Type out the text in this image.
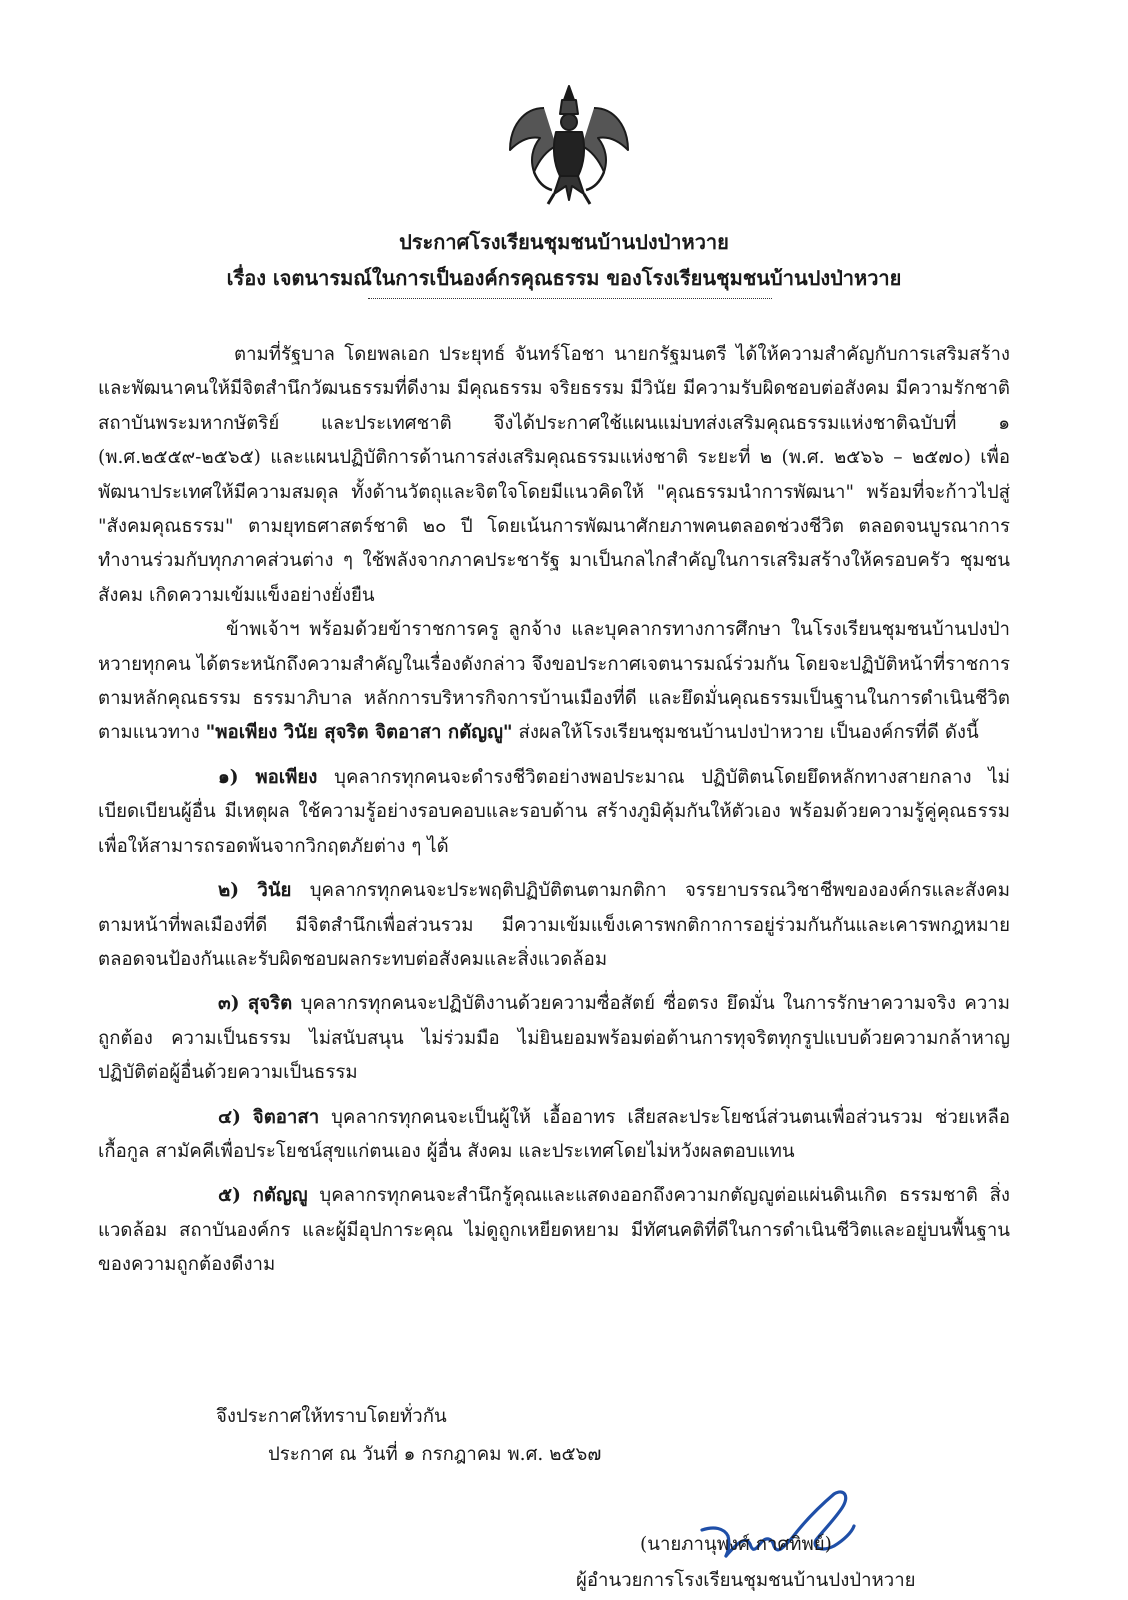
ประกาศโรงเรียนชุมชนบ้านปงป่าหวาย
เรื่อง เจตนารมณ์ในการเป็นองค์กรคุณธรรม ของโรงเรียนชุมชนบ้านปงป่าหวาย

ตามที่รัฐบาล โดยพลเอก ประยุทธ์ จันทร์โอชา นายกรัฐมนตรี ได้ให้ความสำคัญกับการเสริมสร้างและพัฒนาคนให้มีจิตสำนึกวัฒนธรรมที่ดีงาม มีคุณธรรม จริยธรรม มีวินัย มีความรับผิดชอบต่อสังคม มีความรักชาติ สถาบันพระมหากษัตริย์ และประเทศชาติ จึงได้ประกาศใช้แผนแม่บทส่งเสริมคุณธรรมแห่งชาติฉบับที่ ๑ (พ.ศ.๒๕๕๙-๒๕๖๕) และแผนปฏิบัติการด้านการส่งเสริมคุณธรรมแห่งชาติ ระยะที่ ๒ (พ.ศ. ๒๕๖๖ – ๒๕๗๐) เพื่อพัฒนาประเทศให้มีความสมดุล ทั้งด้านวัตถุและจิตใจโดยมีแนวคิดให้ "คุณธรรมนำการพัฒนา" พร้อมที่จะก้าวไปสู่ "สังคมคุณธรรม" ตามยุทธศาสตร์ชาติ ๒๐ ปี โดยเน้นการพัฒนาศักยภาพคนตลอดช่วงชีวิต ตลอดจนบูรณาการทำงานร่วมกับทุกภาคส่วนต่าง ๆ ใช้พลังจากภาคประชารัฐ มาเป็นกลไกสำคัญในการเสริมสร้างให้ครอบครัว ชุมชน สังคม เกิดความเข้มแข็งอย่างยั่งยืน

ข้าพเจ้าฯ พร้อมด้วยข้าราชการครู ลูกจ้าง และบุคลากรทางการศึกษา ในโรงเรียนชุมชนบ้านปงป่าหวายทุกคน ได้ตระหนักถึงความสำคัญในเรื่องดังกล่าว จึงขอประกาศเจตนารมณ์ร่วมกัน โดยจะปฏิบัติหน้าที่ราชการตามหลักคุณธรรม ธรรมาภิบาล หลักการบริหารกิจการบ้านเมืองที่ดี และยึดมั่นคุณธรรมเป็นฐานในการดำเนินชีวิตตามแนวทาง "พอเพียง วินัย สุจริต จิตอาสา กตัญญู" ส่งผลให้โรงเรียนชุมชนบ้านปงป่าหวาย เป็นองค์กรที่ดี ดังนี้

๑) พอเพียง บุคลากรทุกคนจะดำรงชีวิตอย่างพอประมาณ ปฏิบัติตนโดยยึดหลักทางสายกลาง ไม่เบียดเบียนผู้อื่น มีเหตุผล ใช้ความรู้อย่างรอบคอบและรอบด้าน สร้างภูมิคุ้มกันให้ตัวเอง พร้อมด้วยความรู้คู่คุณธรรม เพื่อให้สามารถรอดพ้นจากวิกฤตภัยต่าง ๆ ได้

๒) วินัย บุคลากรทุกคนจะประพฤติปฏิบัติตนตามกติกา จรรยาบรรณวิชาชีพขององค์กรและสังคม ตามหน้าที่พลเมืองที่ดี มีจิตสำนึกเพื่อส่วนรวม มีความเข้มแข็งเคารพกติกาการอยู่ร่วมกันกันและเคารพกฎหมาย ตลอดจนป้องกันและรับผิดชอบผลกระทบต่อสังคมและสิ่งแวดล้อม

๓) สุจริต บุคลากรทุกคนจะปฏิบัติงานด้วยความซื่อสัตย์ ซื่อตรง ยึดมั่น ในการรักษาความจริง ความถูกต้อง ความเป็นธรรม ไม่สนับสนุน ไม่ร่วมมือ ไม่ยินยอมพร้อมต่อต้านการทุจริตทุกรูปแบบด้วยความกล้าหาญ ปฏิบัติต่อผู้อื่นด้วยความเป็นธรรม

๔) จิตอาสา บุคลากรทุกคนจะเป็นผู้ให้ เอื้ออาทร เสียสละประโยชน์ส่วนตนเพื่อส่วนรวม ช่วยเหลือเกื้อกูล สามัคคีเพื่อประโยชน์สุขแก่ตนเอง ผู้อื่น สังคม และประเทศโดยไม่หวังผลตอบแทน

๕) กตัญญู บุคลากรทุกคนจะสำนึกรู้คุณและแสดงออกถึงความกตัญญูต่อแผ่นดินเกิด ธรรมชาติ สิ่งแวดล้อม สถาบันองค์กร และผู้มีอุปการะคุณ ไม่ดูถูกเหยียดหยาม มีทัศนคติที่ดีในการดำเนินชีวิตและอยู่บนพื้นฐานของความถูกต้องดีงาม

จึงประกาศให้ทราบโดยทั่วกัน
ประกาศ ณ วันที่ ๑ กรกฎาคม พ.ศ. ๒๕๖๗
(นายภานุพงศ์ กาศทิพย์)
ผู้อำนวยการโรงเรียนชุมชนบ้านปงป่าหวาย
